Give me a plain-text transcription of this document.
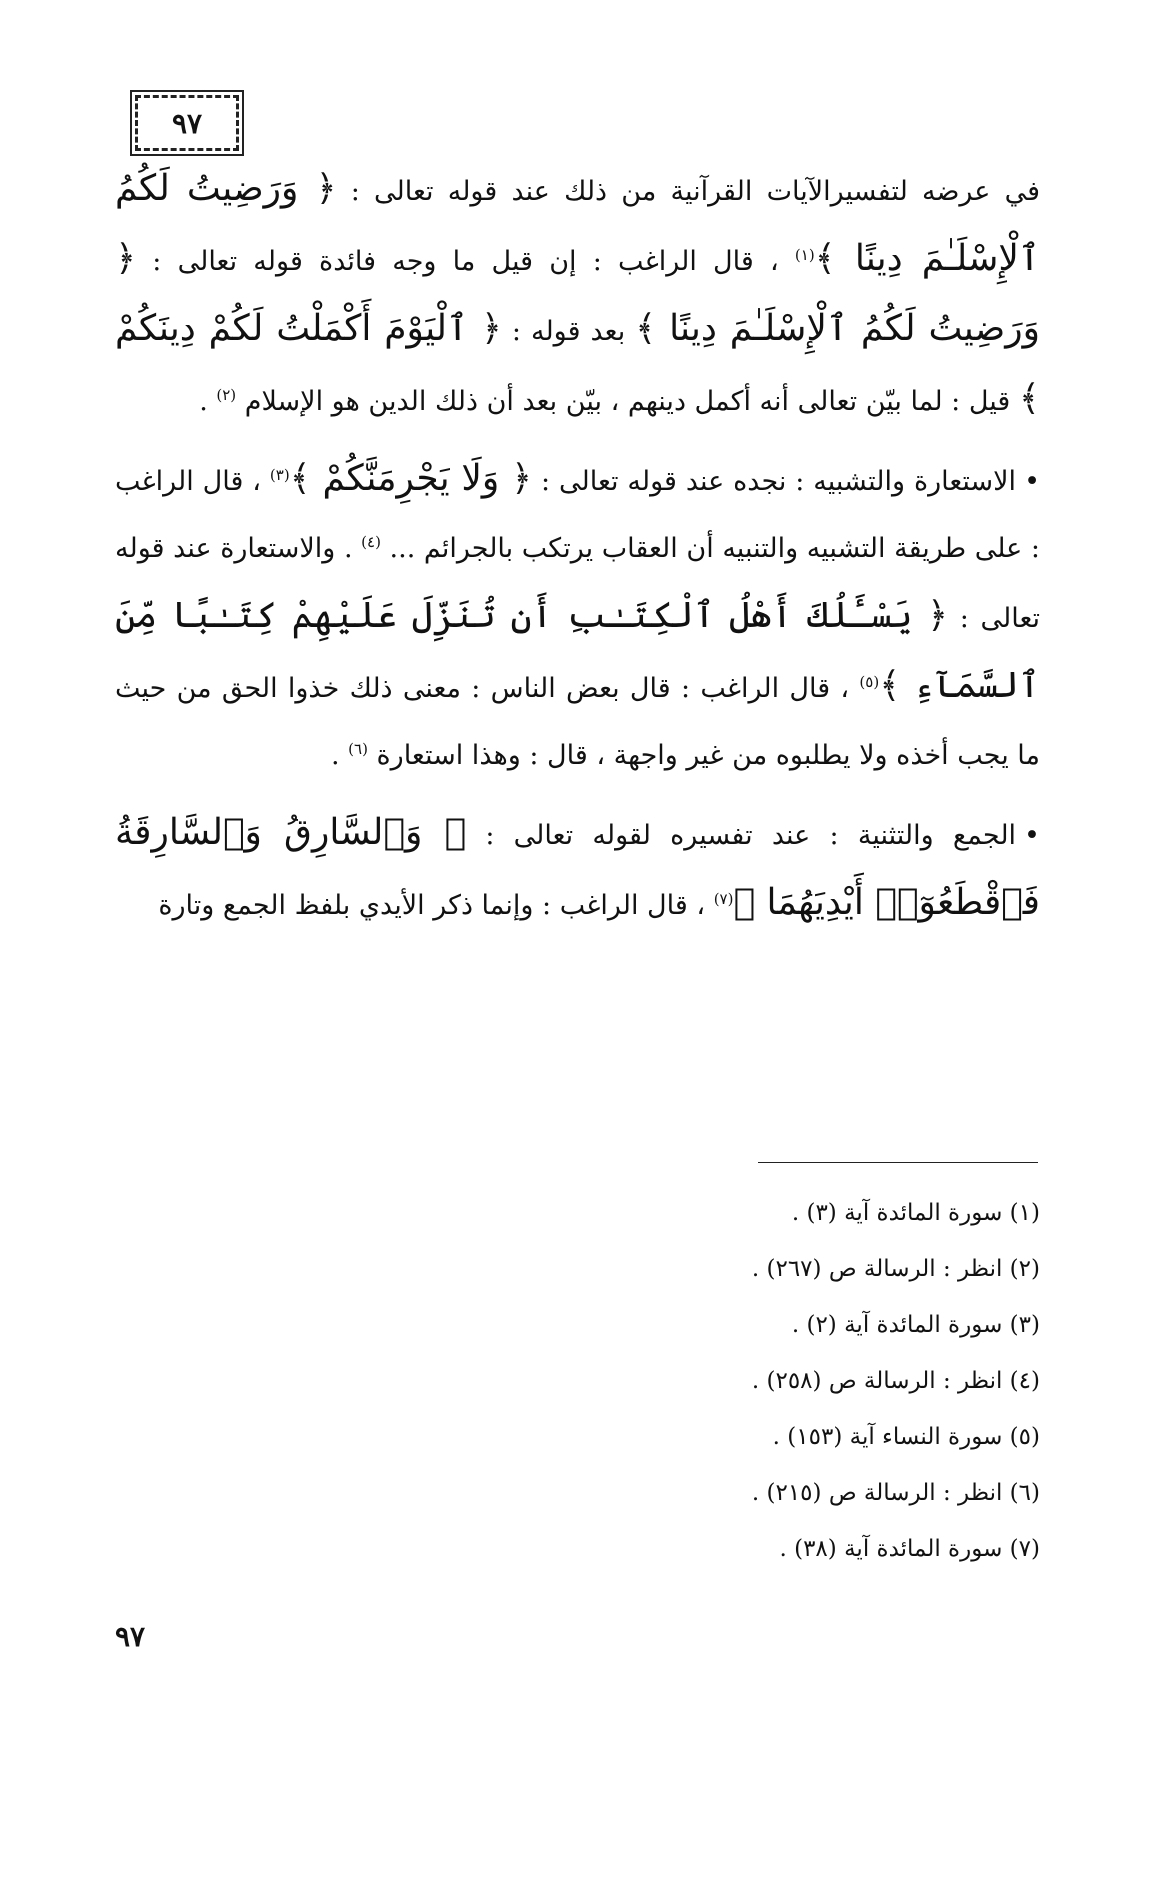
٩٧

في عرضه لتفسيرالآيات القرآنية من ذلك عند قوله تعالى : ﴿ وَرَضِيتُ لَكُمُ ٱلْإِسْلَـٰمَ دِينًا ﴾$^{(١)}$ ، قال الراغب : إن قيل ما وجه فائدة قوله تعالى : ﴿ وَرَضِيتُ لَكُمُ ٱلْإِسْلَـٰمَ دِينًا ﴾ بعد قوله : ﴿ ٱلْيَوْمَ أَكْمَلْتُ لَكُمْ دِينَكُمْ ﴾ قيل : لما بيّن تعالى أنه أكمل دينهم ، بيّن بعد أن ذلك الدين هو الإسلام $^{(٢)}$ .

•الاستعارة والتشبيه : نجده عند قوله تعالى : ﴿ وَلَا يَجْرِمَنَّكُمْ ﴾$^{(٣)}$ ، قال الراغب : على طريقة التشبيه والتنبيه أن العقاب يرتكب بالجرائم ... $^{(٤)}$ . والاستعارة عند قوله تعالى : ﴿ يَسْـَٔلُكَ أَهْلُ ٱلْكِتَـٰبِ أَن تُنَزِّلَ عَلَيْهِمْ كِتَـٰبًا مِّنَ ٱلسَّمَآءِ ﴾$^{(٥)}$ ، قال الراغب : قال بعض الناس : معنى ذلك خذوا الحق من حيث ما يجب أخذه ولا يطلبوه من غير واجهة ، قال : وهذا استعارة $^{(٦)}$ .

•الجمع والتثنية : عند تفسيره لقوله تعالى : ﴿ وَٱلسَّارِقُ وَٱلسَّارِقَةُ فَٱقْطَعُوٓا۟ أَيْدِيَهُمَا ﴾$^{(٧)}$ ، قال الراغب : وإنما ذكر الأيدي بلفظ الجمع وتارة

(١) سورة المائدة آية (٣) .

(٢) انظر : الرسالة ص (٢٦٧) .

(٣) سورة المائدة آية (٢) .

(٤) انظر : الرسالة ص (٢٥٨) .

(٥) سورة النساء آية (١٥٣) .

(٦) انظر : الرسالة ص (٢١٥) .

(٧) سورة المائدة آية (٣٨) .

٩٧
